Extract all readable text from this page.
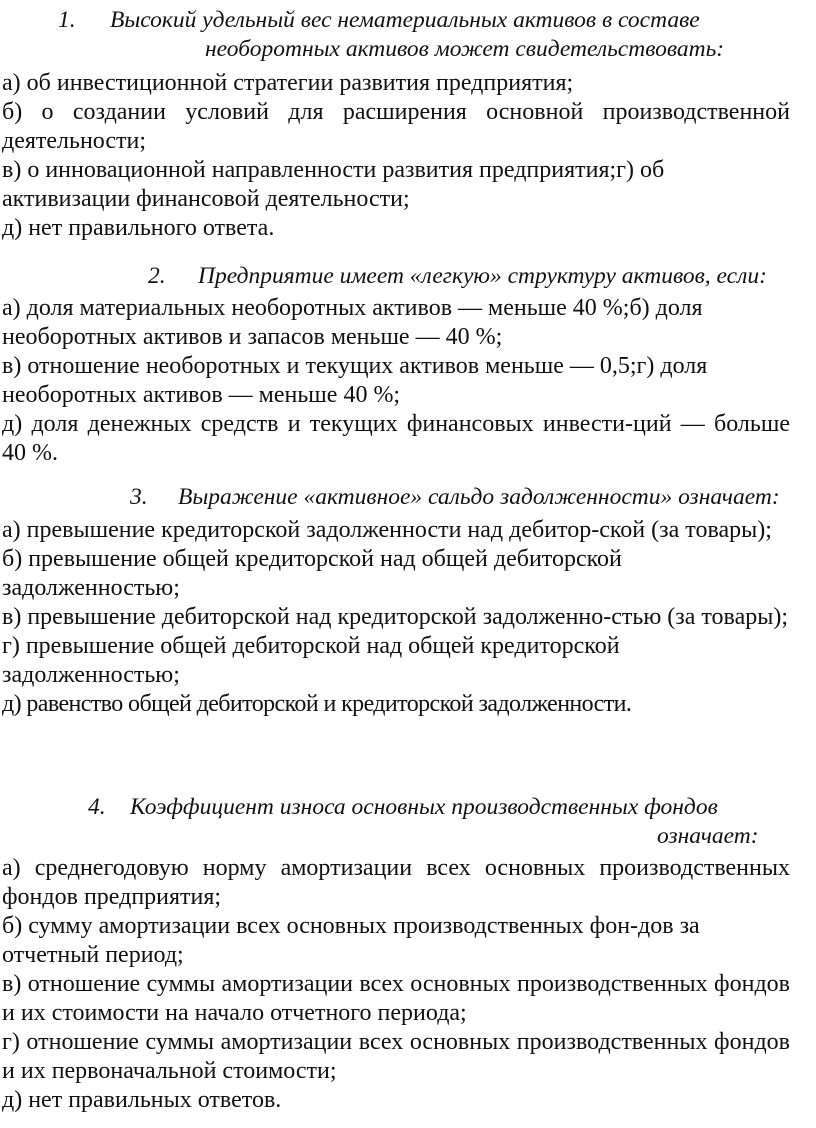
1. Высокий удельный вес нематериальных активов в составе
необоротных активов может свидетельствовать:
а) об инвестиционной стратегии развития предприятия;
б) о создании условий для расширения основной производственной деятельности;
в) о инновационной направленности развития предприятия;г) об активизации финансовой деятельности;
д) нет правильного ответа.
2. Предприятие имеет «легкую» структуру активов, если:
а) доля материальных необоротных активов — меньше 40 %;б) доля необоротных активов и запасов меньше — 40 %;
в) отношение необоротных и текущих активов меньше — 0,5;г) доля необоротных активов — меньше 40 %;
д) доля денежных средств и текущих финансовых инвести-ций — больше 40 %.
3. Выражение «активное» сальдо задолженности» означает:
а) превышение кредиторской задолженности над дебитор-ской (за товары);
б) превышение общей кредиторской над общей дебиторской задолженностью;
в) превышение дебиторской над кредиторской задолженно-стью (за товары);
г) превышение общей дебиторской над общей кредиторской задолженностью;
д) равенство общей дебиторской и кредиторской задолженности.
4. Коэффициент износа основных производственных фондов
означает:
а) среднегодовую норму амортизации всех основных производственных фондов предприятия;
б) сумму амортизации всех основных производственных фон-дов за отчетный период;
в) отношение суммы амортизации всех основных производственных фондов и их стоимости на начало отчетного периода;
г) отношение суммы амортизации всех основных производственных фондов и их первоначальной стоимости;
д) нет правильных ответов.
